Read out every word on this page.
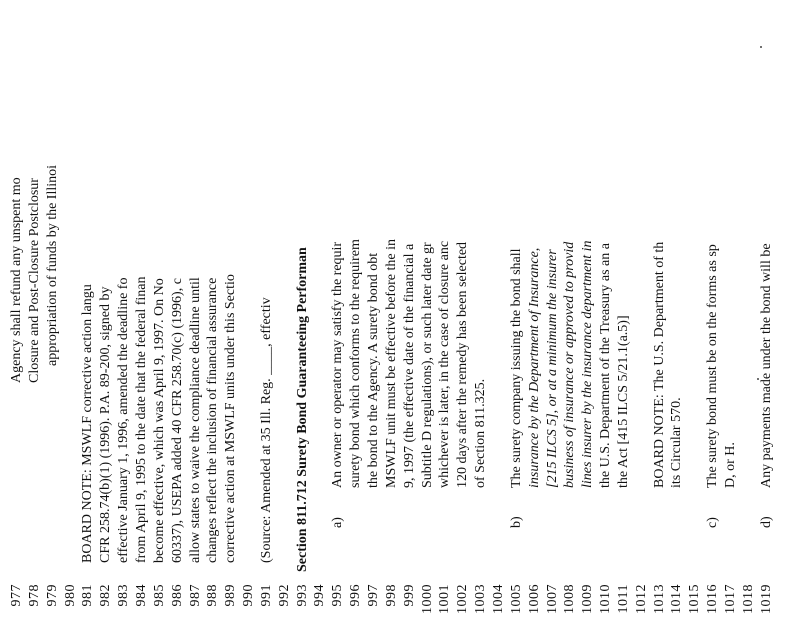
977
Agency shall refund any unspent mo
978
Closure and Post-Closure Postclosur
979
appropriation of funds by the Illinoi
980 981
BOARD NOTE: MSWLF corrective action langu
982
CFR 258.74(b)(1) (1996). P.A. 89-200, signed by
983
effective January 1, 1996, amended the deadline fo
984
from April 9, 1995 to the date that the federal finan
985
become effective, which was April 9, 1997. On No
986
60337), USEPA added 40 CFR 258.70(c) (1996), c
987
allow states to waive the compliance deadline until
988
changes reflect the inclusion of financial assurance
989
corrective action at MSWLF units under this Sectio
990 991
(Source: Amended at 35 Ill. Reg. ____, effectiv
992 993
Section 811.712 Surety Bond Guaranteeing Performan
994 995
a)
An owner or operator may satisfy the requir
996
surety bond which conforms to the requirem
997
the bond to the Agency. A surety bond obt
998
MSWLF unit must be effective before the in
999
9, 1997 (the effective date of the financial a
1000
Subtitle D regulations), or such later date gr
1001
whichever is later, in the case of closure anc
1002
120 days after the remedy has been selected
1003
of Section 811.325.
1004 1005
b)
The surety company issuing the bond shall
1006
insurance by the Department of Insurance,
1007
[215 ILCS 5], or at a minimum the insurer
1008
business of insurance or approved to provid
1009
lines insurer by the insurance department in
1010
the U.S. Department of the Treasury as an a
1011
the Act [415 ILCS 5/21.1(a.5)]
1012 1013
BOARD NOTE: The U.S. Department of th
1014
its Circular 570.
1015 1016
c)
The surety bond must be on the forms as sp
1017
D, or H.
1018 1019
d)
Any payments made under the bond will be
